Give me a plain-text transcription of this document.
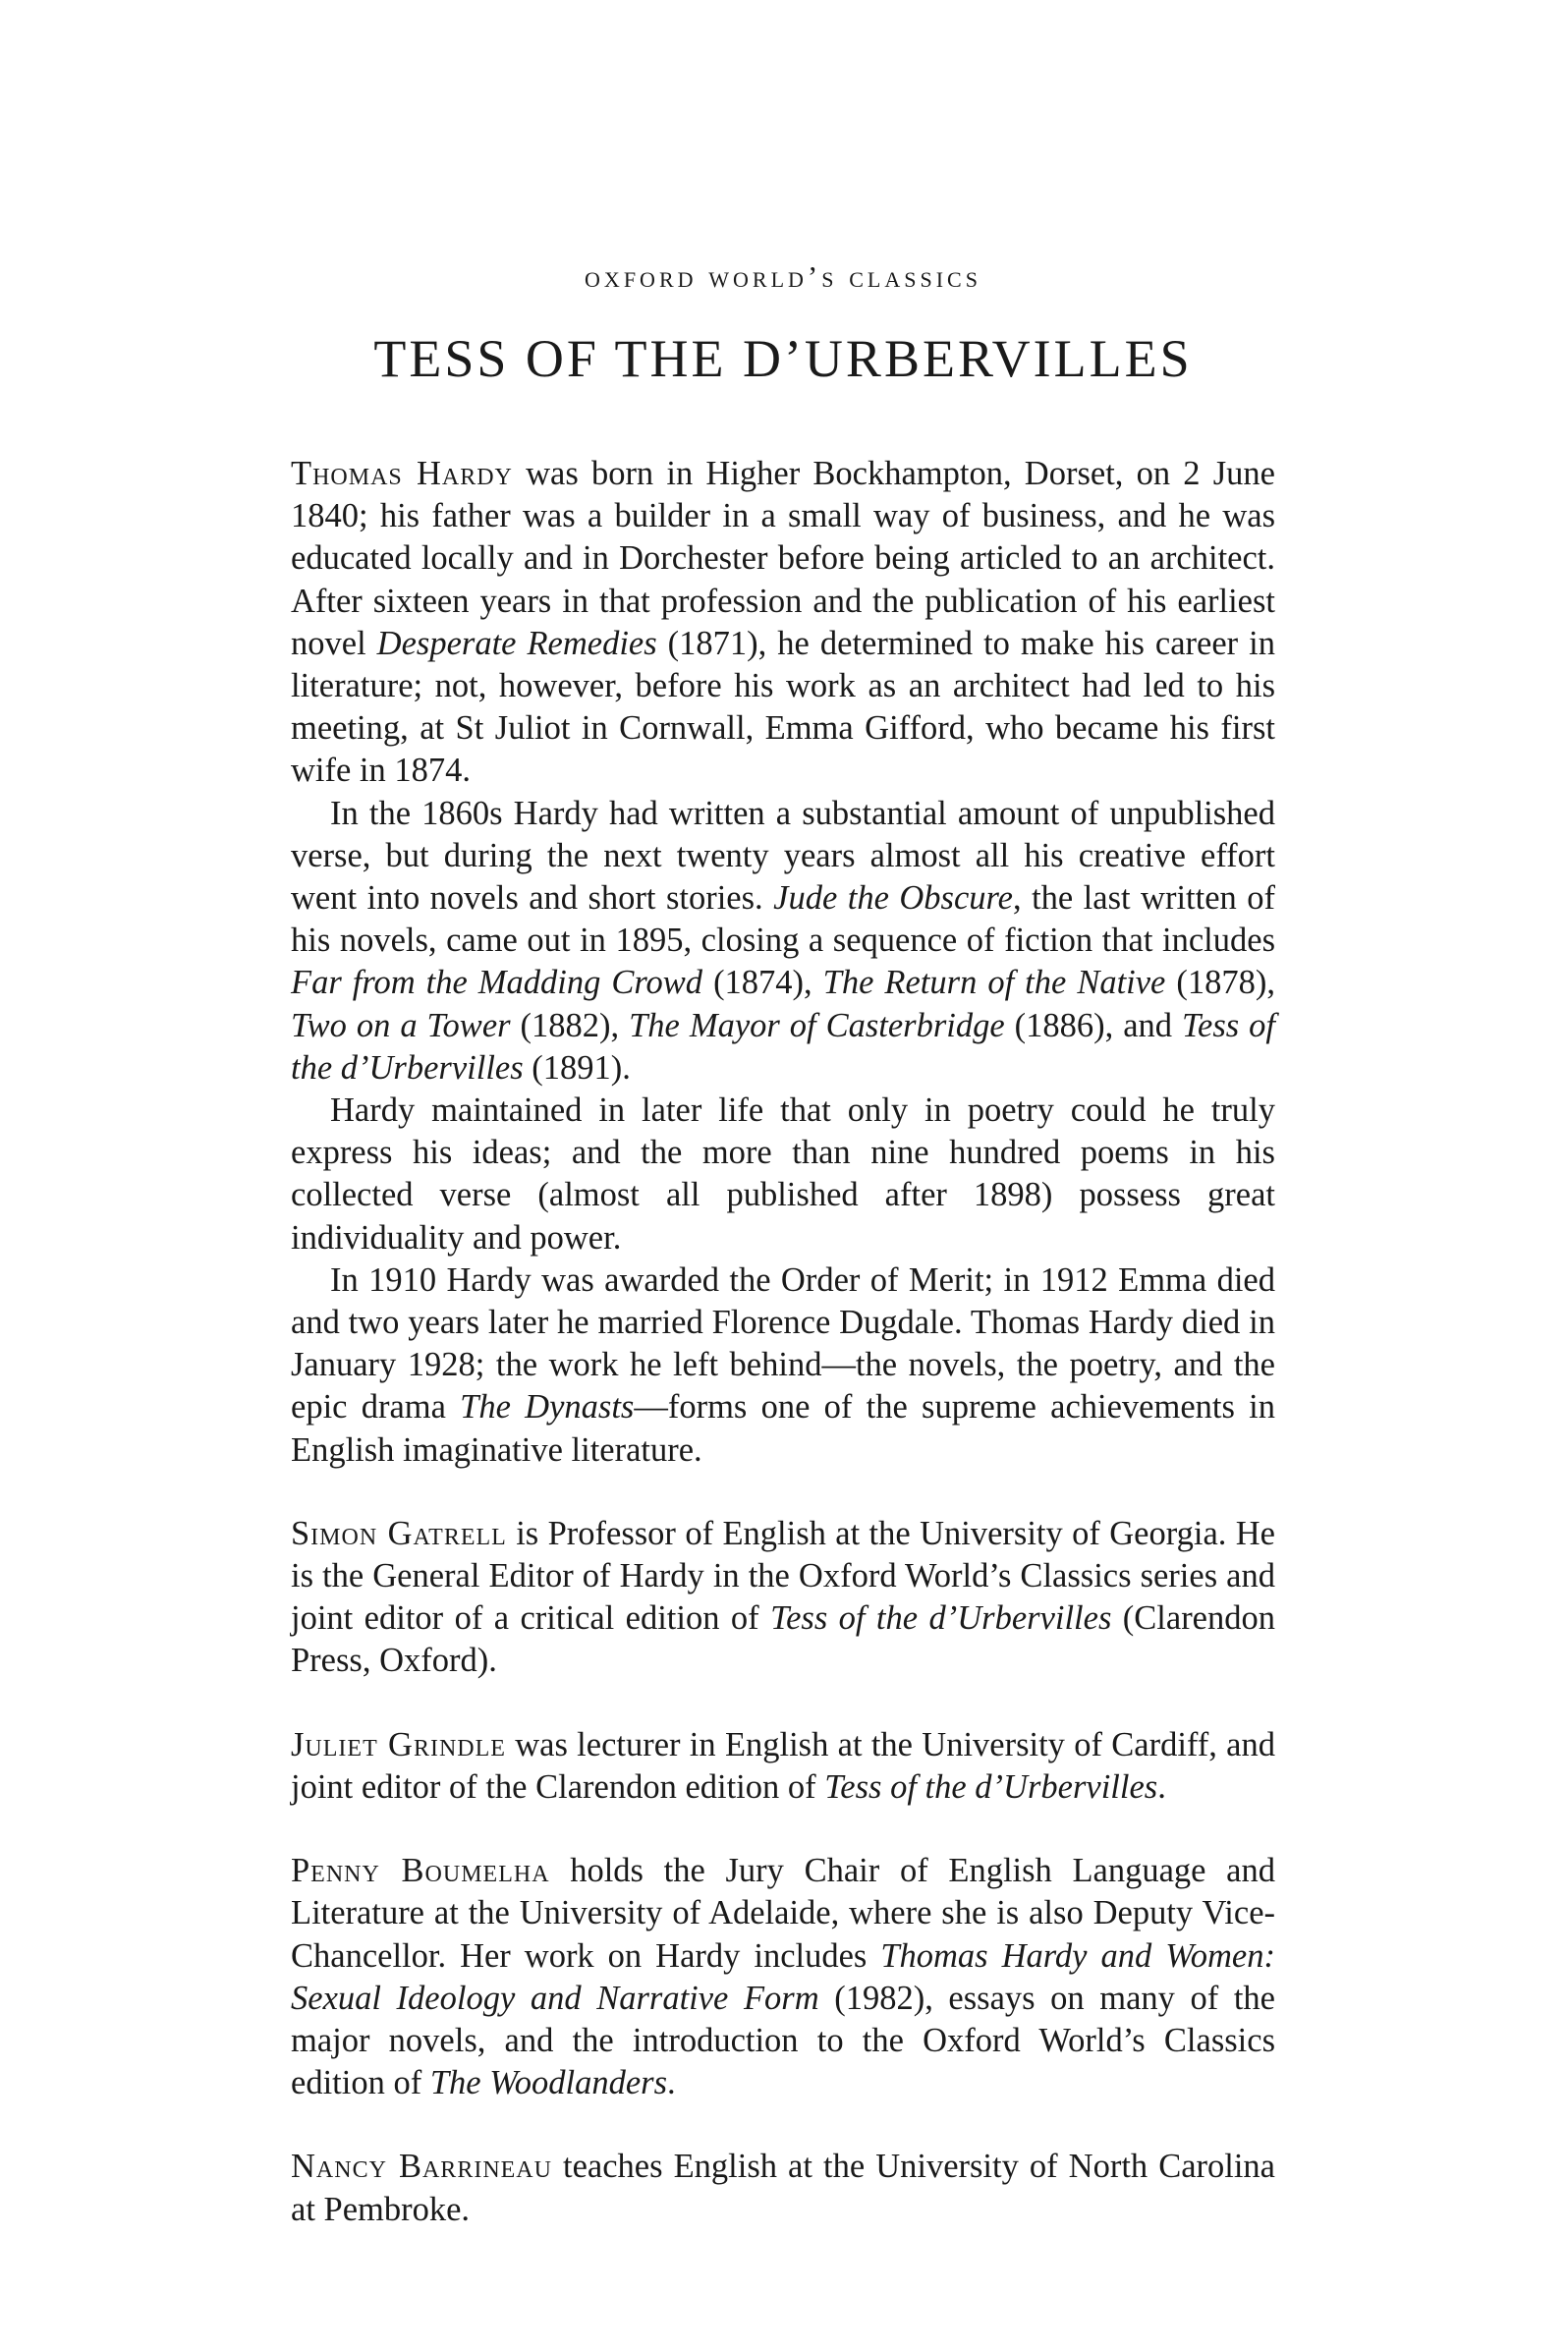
oxford world’s classics
TESS OF THE D’URBERVILLES

Thomas Hardy was born in Higher Bockhampton, Dorset, on 2 June 1840; his father was a builder in a small way of business, and he was educated locally and in Dorchester before being articled to an architect. After sixteen years in that profession and the publication of his earliest novel Desperate Remedies (1871), he determined to make his career in literature; not, however, before his work as an architect had led to his meeting, at St Juliot in Cornwall, Emma Gifford, who became his first wife in 1874.

In the 1860s Hardy had written a substantial amount of unpublished verse, but during the next twenty years almost all his creative effort went into novels and short stories. Jude the Obscure, the last written of his novels, came out in 1895, closing a sequence of fiction that includes Far from the Madding Crowd (1874), The Return of the Native (1878), Two on a Tower (1882), The Mayor of Casterbridge (1886), and Tess of the d’Urbervilles (1891).

Hardy maintained in later life that only in poetry could he truly express his ideas; and the more than nine hundred poems in his collected verse (almost all published after 1898) possess great individuality and power.

In 1910 Hardy was awarded the Order of Merit; in 1912 Emma died and two years later he married Florence Dugdale. Thomas Hardy died in January 1928; the work he left behind—the novels, the poetry, and the epic drama The Dynasts—forms one of the supreme achievements in English imaginative literature.

Simon Gatrell is Professor of English at the University of Georgia. He is the General Editor of Hardy in the Oxford World’s Classics series and joint editor of a critical edition of Tess of the d’Urbervilles (Clarendon Press, Oxford).

Juliet Grindle was lecturer in English at the University of Cardiff, and joint editor of the Clarendon edition of Tess of the d’Urbervilles.

Penny Boumelha holds the Jury Chair of English Language and Literature at the University of Adelaide, where she is also Deputy Vice-Chancellor. Her work on Hardy includes Thomas Hardy and Women: Sexual Ideology and Narrative Form (1982), essays on many of the major novels, and the introduction to the Oxford World’s Classics edition of The Woodlanders.

Nancy Barrineau teaches English at the University of North Carolina at Pembroke.
